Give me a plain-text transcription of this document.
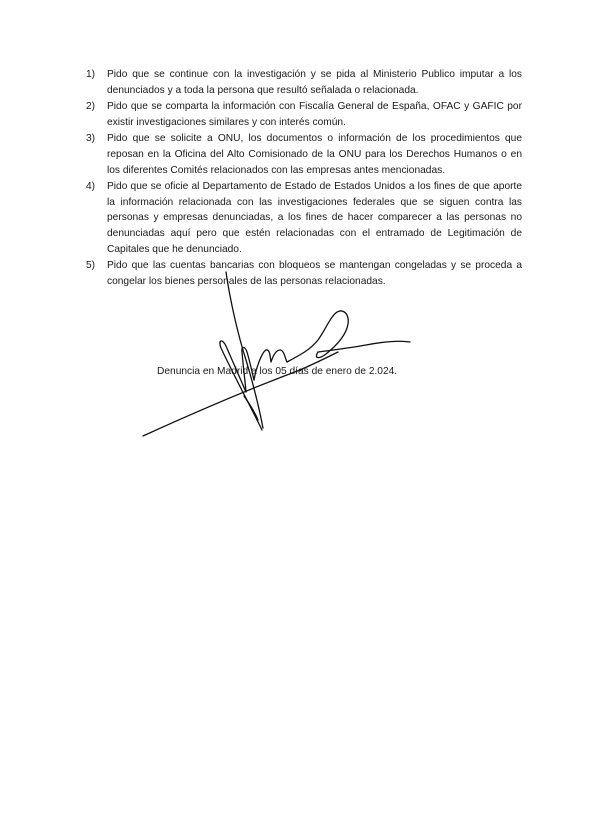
1)	Pido que se continue con la investigación y se pida al Ministerio Publico imputar a los denunciados y a toda la persona que resultó señalada o relacionada.
2)	Pido que se comparta la información con Fiscalía General de España, OFAC y GAFIC por existir investigaciones similares y con interés común.
3)	Pido que se solicite a ONU, los documentos o información de los procedimientos que reposan en la Oficina del Alto Comisionado de la ONU para los Derechos Humanos o en los diferentes Comités relacionados con las empresas antes mencionadas.
4)	Pido que se oficie al Departamento de Estado de Estados Unidos a los fines de que aporte la información relacionada con las investigaciones federales que se siguen contra las personas y empresas denunciadas, a los fines de hacer comparecer a las personas no denunciadas aquí pero que estén relacionadas con el entramado de Legitimación de Capitales que he denunciado.
5)	Pido que las cuentas bancarias con bloqueos se mantengan congeladas y se proceda a congelar los bienes personales de las personas relacionadas.
Denuncia en Madrid a los 05 días de enero de 2.024.
